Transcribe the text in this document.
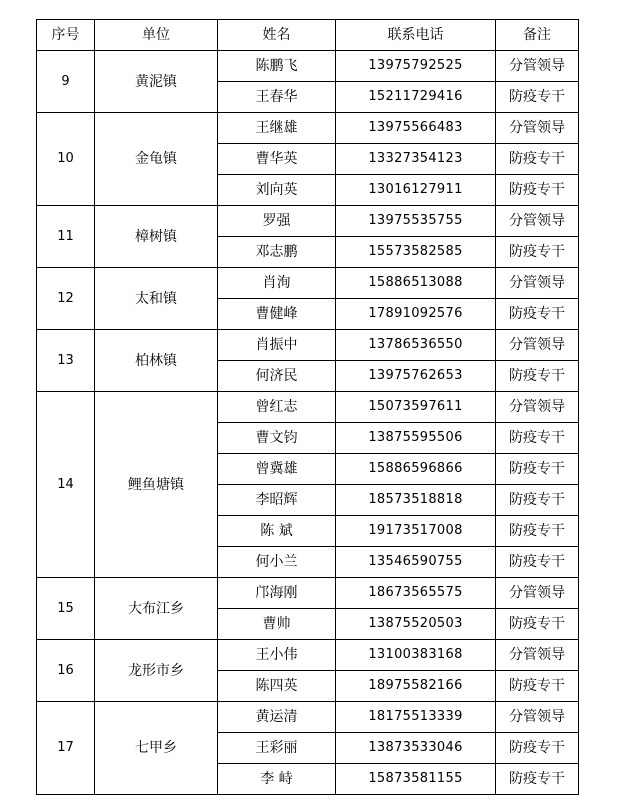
序号	单位	姓名	联系电话	备注
9	黄泥镇	陈鹏飞	13975792525	分管领导
		王春华	15211729416	防疫专干
10	金龟镇	王继雄	13975566483	分管领导
		曹华英	13327354123	防疫专干
		刘向英	13016127911	防疫专干
11	樟树镇	罗强	13975535755	分管领导
		邓志鹏	15573582585	防疫专干
12	太和镇	肖洵	15886513088	分管领导
		曹健峰	17891092576	防疫专干
13	柏林镇	肖振中	13786536550	分管领导
		何济民	13975762653	防疫专干
14	鲤鱼塘镇	曾红志	15073597611	分管领导
		曹文钧	13875595506	防疫专干
		曾冀雄	15886596866	防疫专干
		李昭辉	18573518818	防疫专干
		陈 斌	19173517008	防疫专干
		何小兰	13546590755	防疫专干
15	大布江乡	邝海刚	18673565575	分管领导
		曹帅	13875520503	防疫专干
16	龙形市乡	王小伟	13100383168	分管领导
		陈四英	18975582166	防疫专干
17	七甲乡	黄运清	18175513339	分管领导
		王彩丽	13873533046	防疫专干
		李 峙	15873581155	防疫专干
